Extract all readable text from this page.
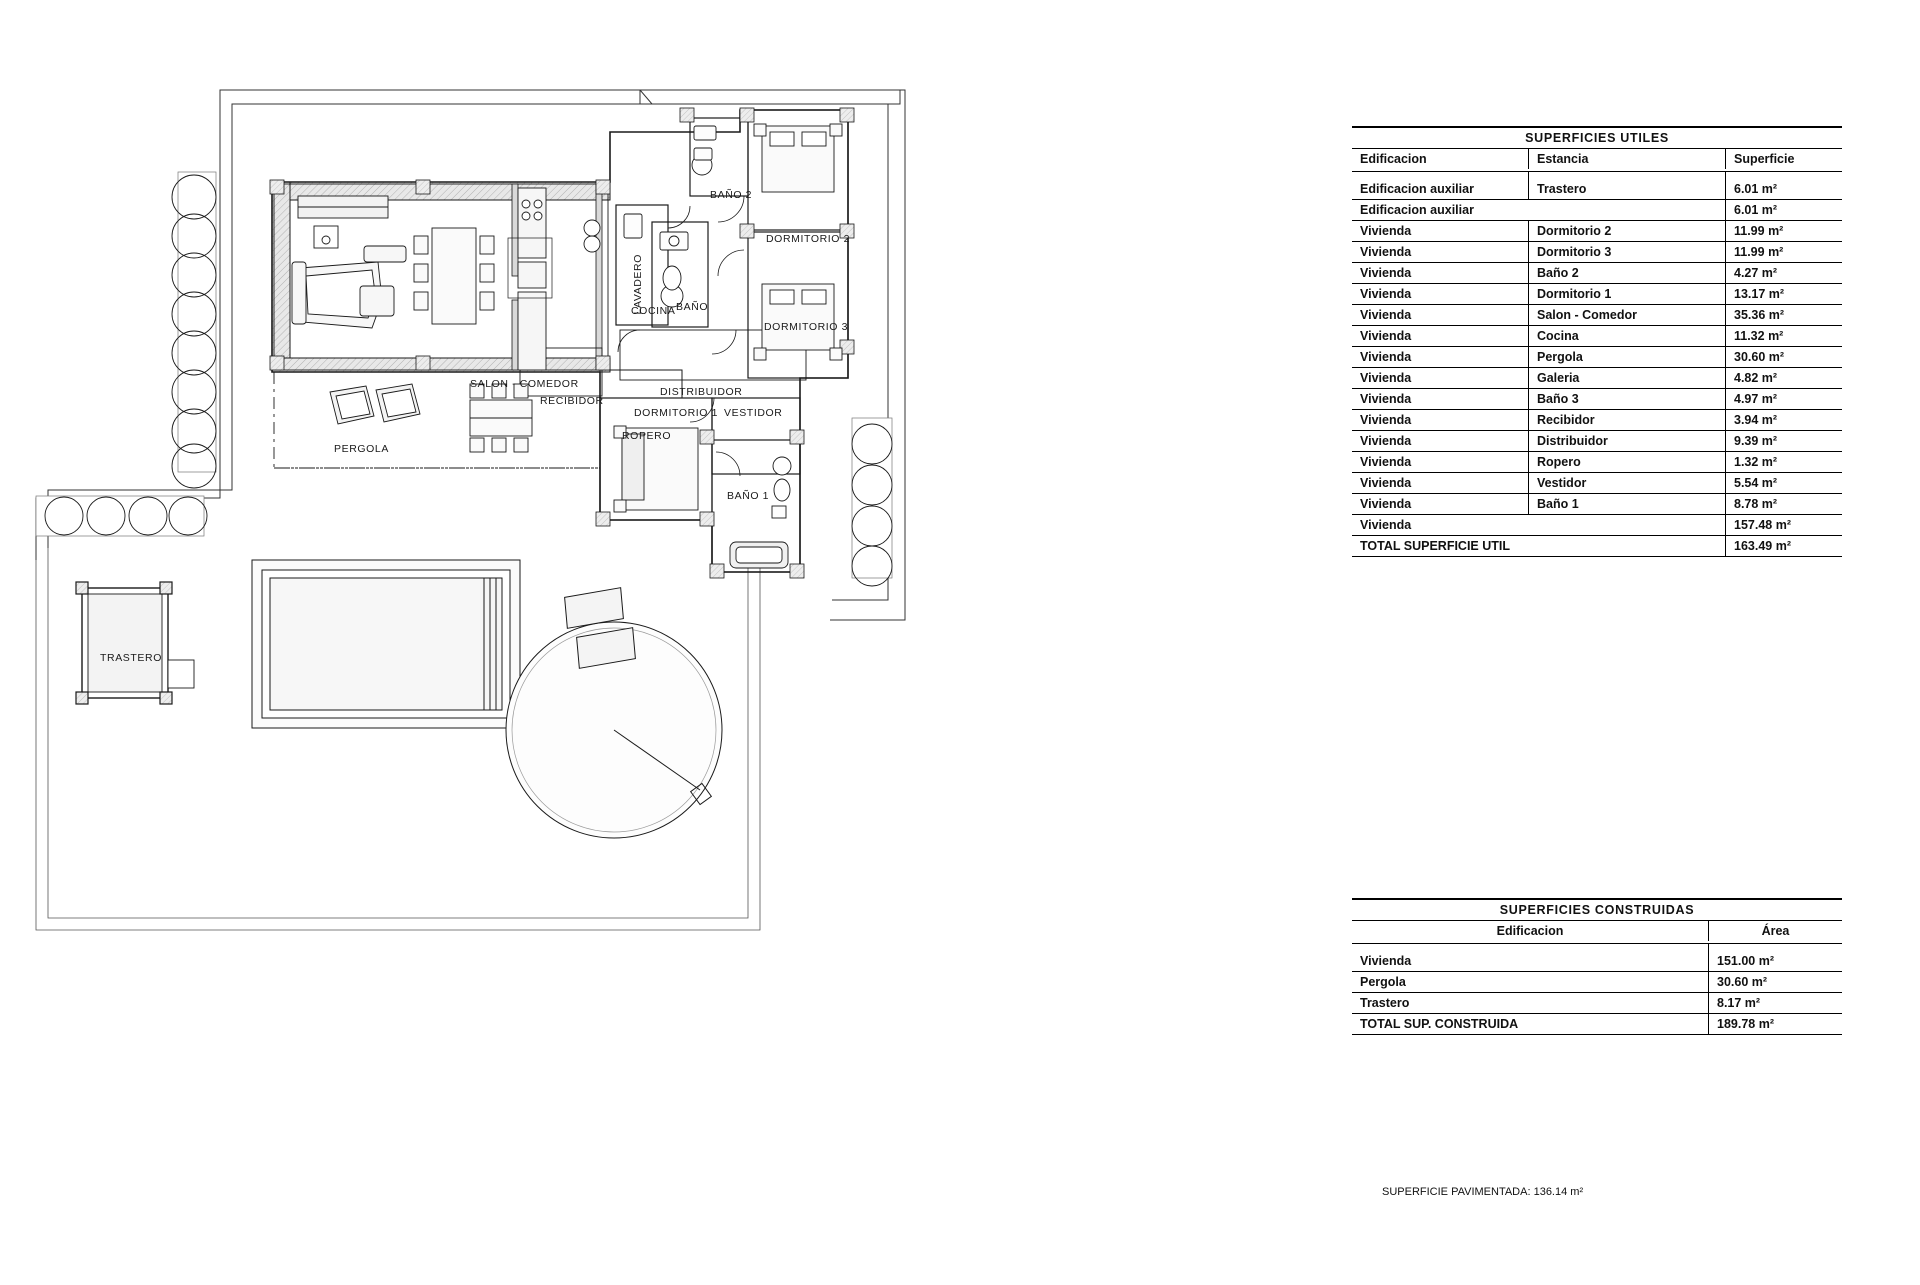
SALON - COMEDOR
COCINA
LAVADERO	BAÑO
BAÑO 2
DORMITORIO 2
DORMITORIO 3
DISTRIBUIDOR
RECIBIDOR
ROPERO
DORMITORIO 1 VESTIDOR
BAÑO 1
PERGOLA
TRASTERO
SUPERFICIES UTILES		
Edificacion	Estancia	Superficie

Edificacion auxiliar	Trastero	6.01 m²
Edificacion auxiliar		6.01 m²
Vivienda	Dormitorio 2	11.99 m²
Vivienda	Dormitorio 3	11.99 m²
Vivienda	Baño 2	4.27 m²
Vivienda	Dormitorio 1	13.17 m²
Vivienda	Salon - Comedor	35.36 m²
Vivienda	Cocina	11.32 m²
Vivienda	Pergola	30.60 m²
Vivienda	Galeria	4.82 m²
Vivienda	Baño 3	4.97 m²
Vivienda	Recibidor	3.94 m²
Vivienda	Distribuidor	9.39 m²
Vivienda	Ropero	1.32 m²
Vivienda	Vestidor	5.54 m²
Vivienda	Baño 1	8.78 m²
Vivienda		157.48 m²
TOTAL SUPERFICIE UTIL		163.49 m²
SUPERFICIES CONSTRUIDAS	
Edificacion	Área

Vivienda	151.00 m²
Pergola	30.60 m²
Trastero	8.17 m²
TOTAL SUP. CONSTRUIDA	189.78 m²
SUPERFICIE PAVIMENTADA: 136.14 m²
